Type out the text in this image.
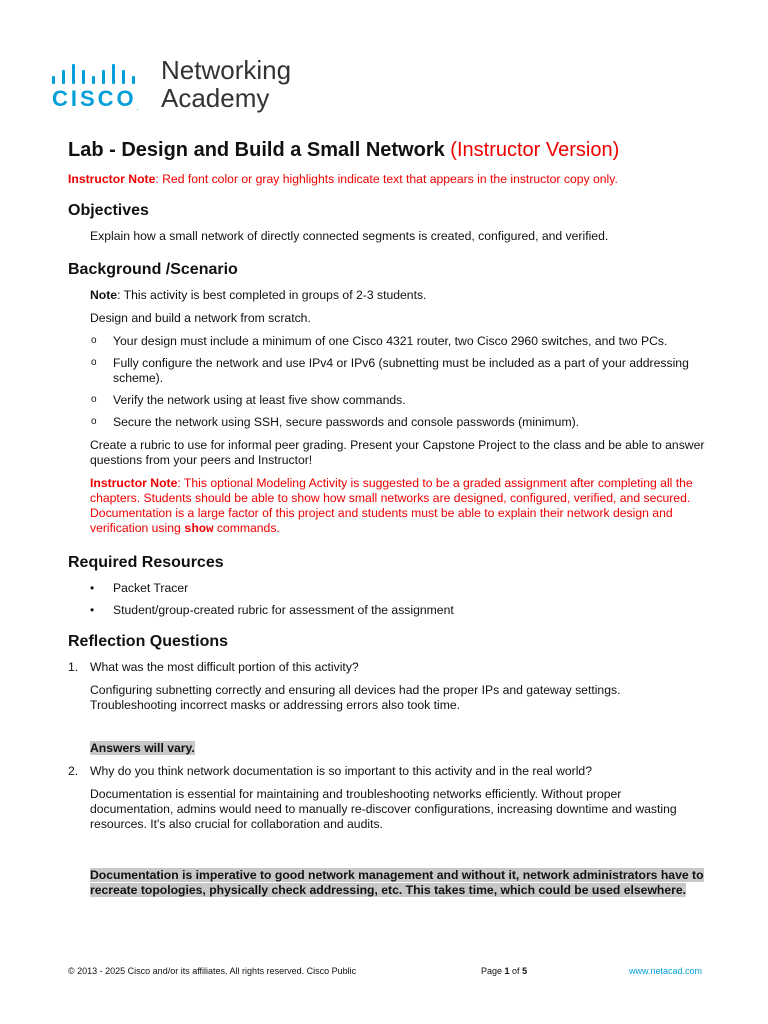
CISCO.
Networking
Academy
Lab - Design and Build a Small Network (Instructor Version)

Instructor Note: Red font color or gray highlights indicate text that appears in the instructor copy only.

Objectives

Explain how a small network of directly connected segments is created, configured, and verified.

Background /Scenario

Note: This activity is best completed in groups of 2-3 students.

Design and build a network from scratch.

o Your design must include a minimum of one Cisco 4321 router, two Cisco 2960 switches, and two PCs.
o Fully configure the network and use IPv4 or IPv6 (subnetting must be included as a part of your addressing scheme).
o Verify the network using at least five show commands.
o Secure the network using SSH, secure passwords and console passwords (minimum).

Create a rubric to use for informal peer grading. Present your Capstone Project to the class and be able to answer questions from your peers and Instructor!

Instructor Note: This optional Modeling Activity is suggested to be a graded assignment after completing all the chapters. Students should be able to show how small networks are designed, configured, verified, and secured. Documentation is a large factor of this project and students must be able to explain their network design and verification using show commands.

Required Resources
• Packet Tracer
• Student/group-created rubric for assessment of the assignment
Reflection Questions
1. What was the most difficult portion of this activity?

Configuring subnetting correctly and ensuring all devices had the proper IPs and gateway settings. Troubleshooting incorrect masks or addressing errors also took time.

Answers will vary.

2. Why do you think network documentation is so important to this activity and in the real world?

Documentation is essential for maintaining and troubleshooting networks efficiently. Without proper documentation, admins would need to manually re-discover configurations, increasing downtime and wasting resources. It's also crucial for collaboration and audits.

Documentation is imperative to good network management and without it, network administrators have to recreate topologies, physically check addressing, etc. This takes time, which could be used elsewhere.

© 2013 - 2025 Cisco and/or its affiliates. All rights reserved. Cisco Public	Page 1 of 5	www.netacad.com
